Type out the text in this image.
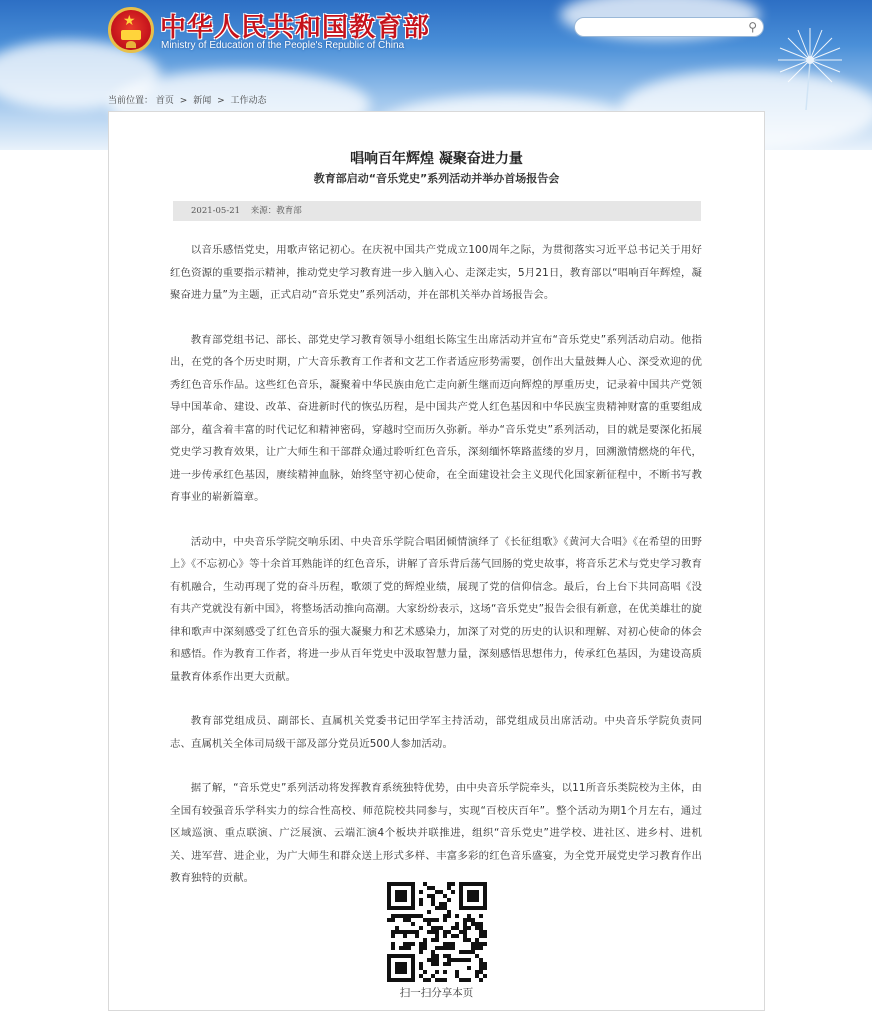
★ 中华人民共和国教育部

Ministry of Education of the People's Republic of China

⚲
当前位置： 首页 > 新闻 > 工作动态
唱响百年辉煌 凝聚奋进力量
教育部启动“音乐党史”系列活动并举办首场报告会
2021-05-21 来源：教育部

以音乐感悟党史，用歌声铭记初心。在庆祝中国共产党成立100周年之际，为贯彻落实习近平总书记关于用好红色资源的重要指示精神，推动党史学习教育进一步入脑入心、走深走实，5月21日，教育部以“唱响百年辉煌，凝聚奋进力量”为主题，正式启动“音乐党史”系列活动，并在部机关举办首场报告会。

教育部党组书记、部长、部党史学习教育领导小组组长陈宝生出席活动并宣布“音乐党史”系列活动启动。他指出，在党的各个历史时期，广大音乐教育工作者和文艺工作者适应形势需要，创作出大量鼓舞人心、深受欢迎的优秀红色音乐作品。这些红色音乐，凝聚着中华民族由危亡走向新生继而迈向辉煌的厚重历史，记录着中国共产党领导中国革命、建设、改革、奋进新时代的恢弘历程，是中国共产党人红色基因和中华民族宝贵精神财富的重要组成部分，蕴含着丰富的时代记忆和精神密码，穿越时空而历久弥新。举办“音乐党史”系列活动，目的就是要深化拓展党史学习教育效果，让广大师生和干部群众通过聆听红色音乐，深刻缅怀筚路蓝缕的岁月，回溯激情燃烧的年代，进一步传承红色基因，赓续精神血脉，始终坚守初心使命，在全面建设社会主义现代化国家新征程中，不断书写教育事业的崭新篇章。

活动中，中央音乐学院交响乐团、中央音乐学院合唱团倾情演绎了《长征组歌》《黄河大合唱》《在希望的田野上》《不忘初心》等十余首耳熟能详的红色音乐，讲解了音乐背后荡气回肠的党史故事，将音乐艺术与党史学习教育有机融合，生动再现了党的奋斗历程，歌颂了党的辉煌业绩，展现了党的信仰信念。最后，台上台下共同高唱《没有共产党就没有新中国》，将整场活动推向高潮。大家纷纷表示，这场“音乐党史”报告会很有新意，在优美雄壮的旋律和歌声中深刻感受了红色音乐的强大凝聚力和艺术感染力，加深了对党的历史的认识和理解、对初心使命的体会和感悟。作为教育工作者，将进一步从百年党史中汲取智慧力量，深刻感悟思想伟力，传承红色基因，为建设高质量教育体系作出更大贡献。

教育部党组成员、副部长、直属机关党委书记田学军主持活动，部党组成员出席活动。中央音乐学院负责同志、直属机关全体司局级干部及部分党员近500人参加活动。

据了解，“音乐党史”系列活动将发挥教育系统独特优势，由中央音乐学院牵头，以11所音乐类院校为主体，由全国有较强音乐学科实力的综合性高校、师范院校共同参与，实现“百校庆百年”。整个活动为期1个月左右，通过区域巡演、重点联演、广泛展演、云端汇演4个板块并联推进，组织“音乐党史”进学校、进社区、进乡村、进机关、进军营、进企业，为广大师生和群众送上形式多样、丰富多彩的红色音乐盛宴，为全党开展党史学习教育作出教育独特的贡献。

扫一扫分享本页
